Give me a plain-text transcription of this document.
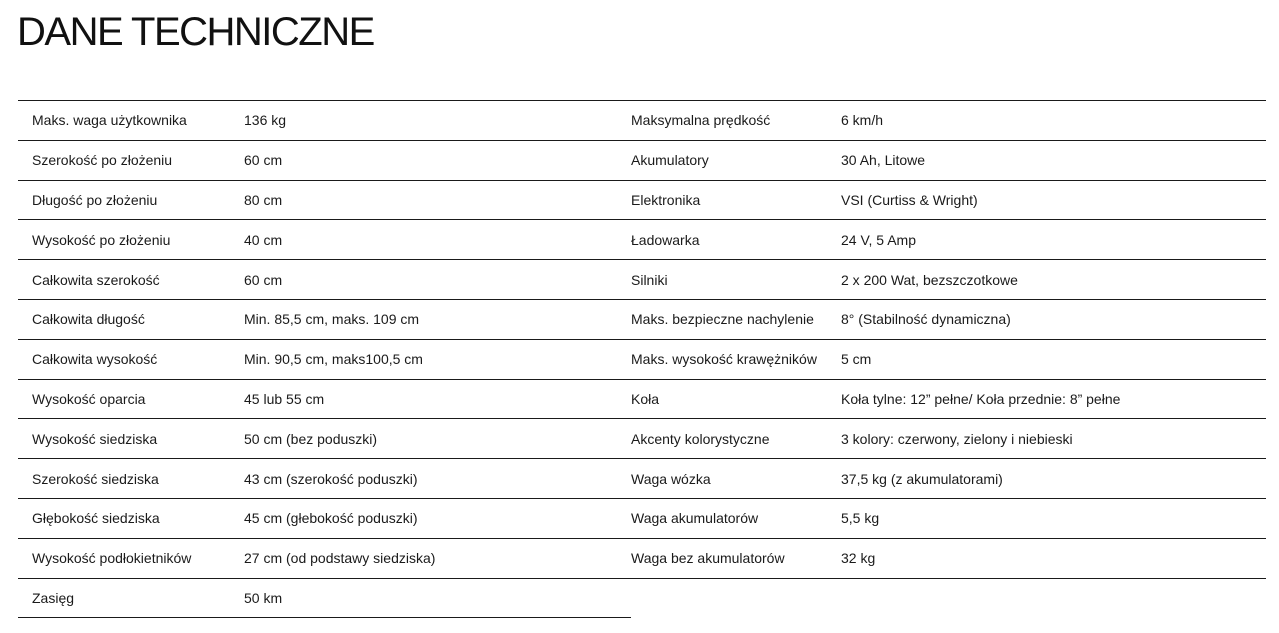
DANE TECHNICZNE
Maks. waga użytkownika	136 kg	Maksymalna prędkość	6 km/h
Szerokość po złożeniu	60 cm	Akumulatory	30 Ah, Litowe
Długość po złożeniu	80 cm	Elektronika	VSI (Curtiss & Wright)
Wysokość po złożeniu	40 cm	Ładowarka	24 V, 5 Amp
Całkowita szerokość	60 cm	Silniki	2 x 200 Wat, bezszczotkowe
Całkowita długość	Min. 85,5 cm, maks. 109 cm	Maks. bezpieczne nachylenie	8° (Stabilność dynamiczna)
Całkowita wysokość	Min. 90,5 cm, maks100,5 cm	Maks. wysokość krawężników	5 cm
Wysokość oparcia	45 lub 55 cm	Koła	Koła tylne: 12” pełne/ Koła przednie: 8” pełne
Wysokość siedziska	50 cm (bez poduszki)	Akcenty kolorystyczne	3 kolory: czerwony, zielony i niebieski
Szerokość siedziska	43 cm (szerokość poduszki)	Waga wózka	37,5 kg (z akumulatorami)
Głębokość siedziska	45 cm (głebokość poduszki)	Waga akumulatorów	5,5 kg
Wysokość podłokietników	27 cm (od podstawy siedziska)	Waga bez akumulatorów	32 kg
Zasięg	50 km		
